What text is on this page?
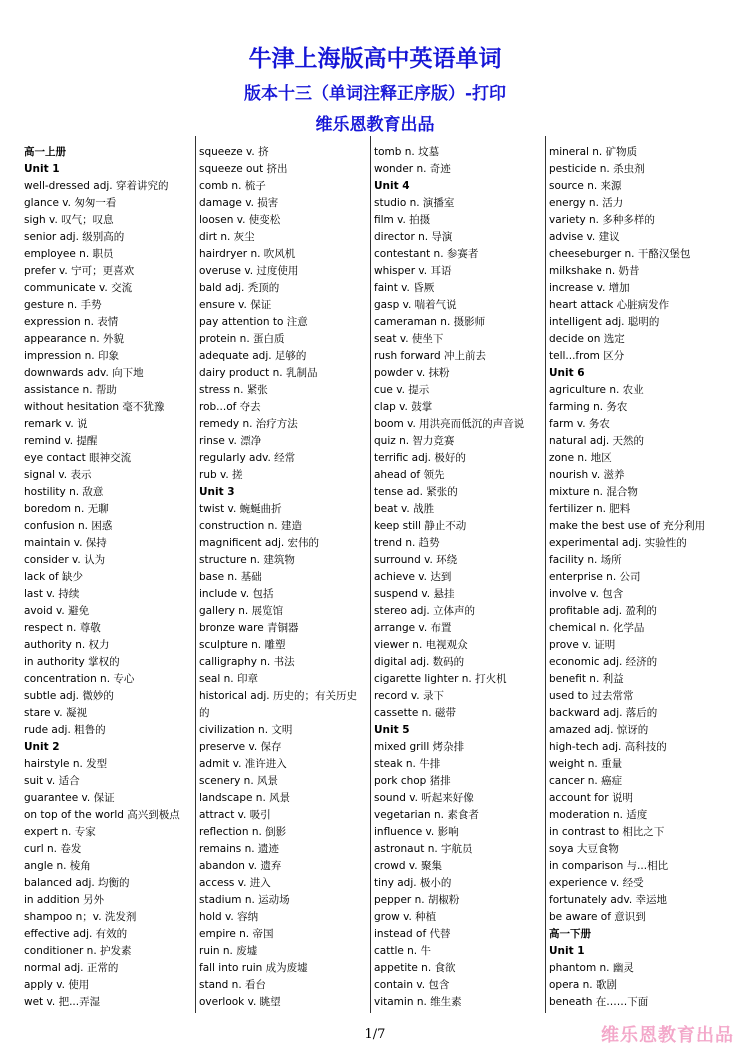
牛津上海版高中英语单词
版本十三（单词注释正序版）-打印
维乐恩教育出品
高一上册
Unit 1
well-dressed adj. 穿着讲究的
glance v. 匆匆一看
sigh v. 叹气；叹息
senior adj. 级别高的
employee n. 职员
prefer v. 宁可；更喜欢
communicate v. 交流
gesture n. 手势
expression n. 表情
appearance n. 外貌
impression n. 印象
downwards adv. 向下地
assistance n. 帮助
without hesitation 毫不犹豫
remark v. 说
remind v. 提醒
eye contact 眼神交流
signal v. 表示
hostility n. 敌意
boredom n. 无聊
confusion n. 困惑
maintain v. 保持
consider v. 认为
lack of 缺少
last v. 持续
avoid v. 避免
respect n. 尊敬
authority n. 权力
in authority 掌权的
concentration n. 专心
subtle adj. 微妙的
stare v. 凝视
rude adj. 粗鲁的
Unit 2
hairstyle n. 发型
suit v. 适合
guarantee v. 保证
on top of the world 高兴到极点
expert n. 专家
curl n. 卷发
angle n. 棱角
balanced adj. 均衡的
in addition 另外
shampoo n；v. 洗发剂
effective adj. 有效的
conditioner n. 护发素
normal adj. 正常的
apply v. 使用
wet v. 把...弄湿
squeeze v. 挤
squeeze out 挤出
comb n. 梳子
damage v. 损害
loosen v. 使变松
dirt n. 灰尘
hairdryer n. 吹风机
overuse v. 过度使用
bald adj. 秃顶的
ensure v. 保证
pay attention to 注意
protein n. 蛋白质
adequate adj. 足够的
dairy product n. 乳制品
stress n. 紧张
rob...of 夺去
remedy n. 治疗方法
rinse v. 漂净
regularly adv. 经常
rub v. 搓
Unit 3
twist v. 蜿蜒曲折
construction n. 建造
magnificent adj. 宏伟的
structure n. 建筑物
base n. 基础
include v. 包括
gallery n. 展览馆
bronze ware 青铜器
sculpture n. 雕塑
calligraphy n. 书法
seal n. 印章
historical adj. 历史的；有关历史
的
civilization n. 文明
preserve v. 保存
admit v. 准许进入
scenery n. 风景
landscape n. 风景
attract v. 吸引
reflection n. 倒影
remains n. 遗迹
abandon v. 遗弃
access v. 进入
stadium n. 运动场
hold v. 容纳
empire n. 帝国
ruin n. 废墟
fall into ruin 成为废墟
stand n. 看台
overlook v. 眺望
tomb n. 坟墓
wonder n. 奇迹
Unit 4
studio n. 演播室
film v. 拍摄
director n. 导演
contestant n. 参赛者
whisper v. 耳语
faint v. 昏厥
gasp v. 喘着气说
cameraman n. 摄影师
seat v. 使坐下
rush forward 冲上前去
powder v. 抹粉
cue v. 提示
clap v. 鼓掌
boom v. 用洪亮而低沉的声音说
quiz n. 智力竞赛
terrific adj. 极好的
ahead of 领先
tense ad. 紧张的
beat v. 战胜
keep still 静止不动
trend n. 趋势
surround v. 环绕
achieve v. 达到
suspend v. 悬挂
stereo adj. 立体声的
arrange v. 布置
viewer n. 电视观众
digital adj. 数码的
cigarette lighter n. 打火机
record v. 录下
cassette n. 磁带
Unit 5
mixed grill 烤杂排
steak n. 牛排
pork chop 猪排
sound v. 听起来好像
vegetarian n. 素食者
influence v. 影响
astronaut n. 宇航员
crowd v. 聚集
tiny adj. 极小的
pepper n. 胡椒粉
grow v. 种植
instead of 代替
cattle n. 牛
appetite n. 食欲
contain v. 包含
vitamin n. 维生素
mineral n. 矿物质
pesticide n. 杀虫剂
source n. 来源
energy n. 活力
variety n. 多种多样的
advise v. 建议
cheeseburger n. 干酪汉堡包
milkshake n. 奶昔
increase v. 增加
heart attack 心脏病发作
intelligent adj. 聪明的
decide on 选定
tell...from 区分
Unit 6
agriculture n. 农业
farming n. 务农
farm v. 务农
natural adj. 天然的
zone n. 地区
nourish v. 滋养
mixture n. 混合物
fertilizer n. 肥料
make the best use of 充分利用
experimental adj. 实验性的
facility n. 场所
enterprise n. 公司
involve v. 包含
profitable adj. 盈利的
chemical n. 化学品
prove v. 证明
economic adj. 经济的
benefit n. 利益
used to 过去常常
backward adj. 落后的
amazed adj. 惊讶的
high-tech adj. 高科技的
weight n. 重量
cancer n. 癌症
account for 说明
moderation n. 适度
in contrast to 相比之下
soya 大豆食物
in comparison 与...相比
experience v. 经受
fortunately adv. 幸运地
be aware of 意识到
高一下册
Unit 1
phantom n. 幽灵
opera n. 歌剧
beneath 在……下面
1/7	维乐恩教育出品
